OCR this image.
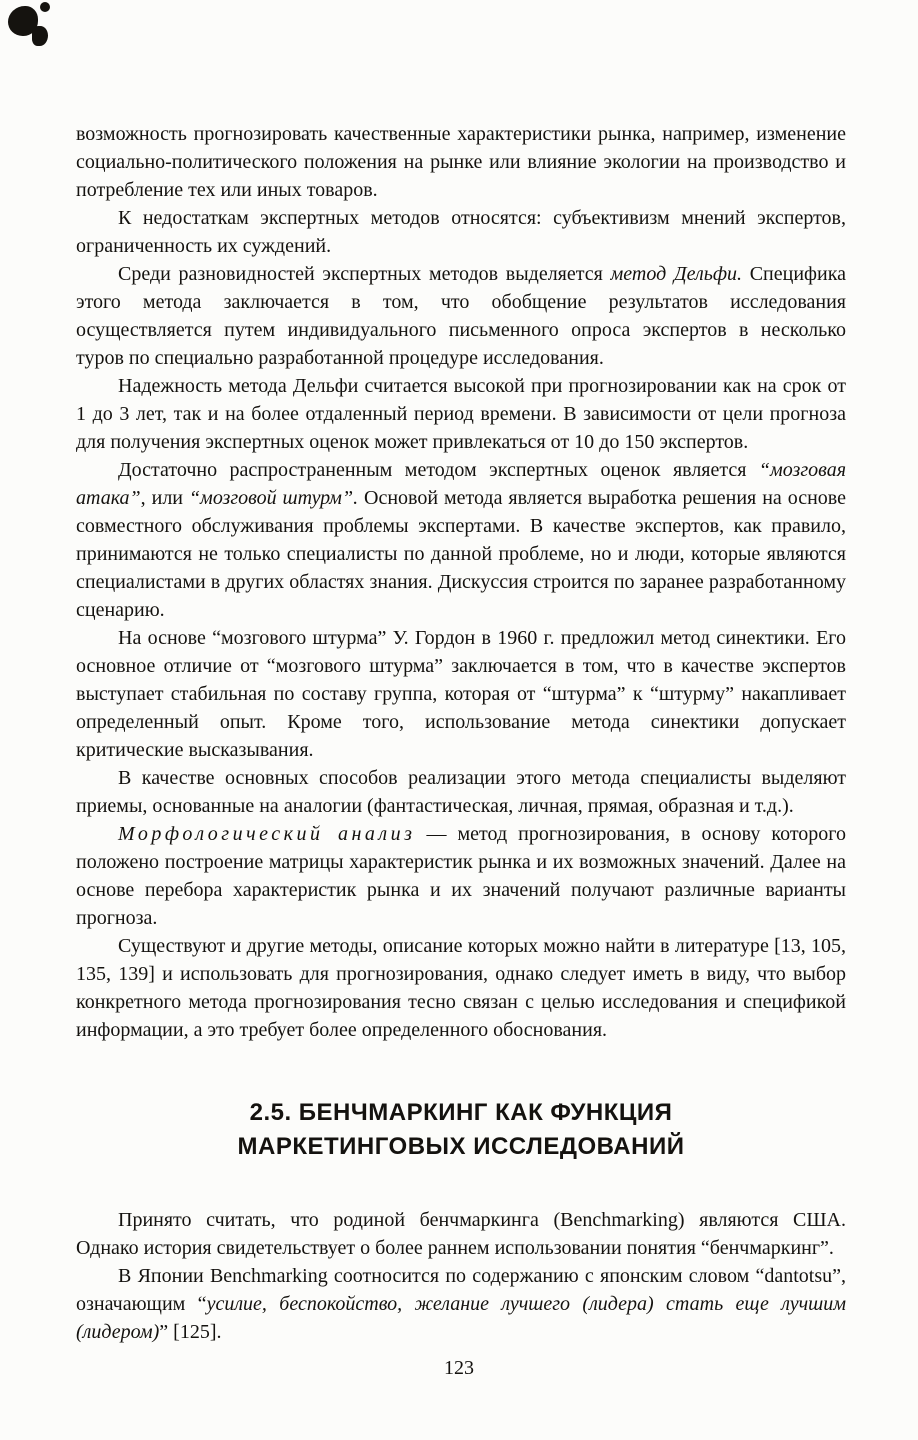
возможность прогнозировать качественные характеристики рынка, например, изменение социально-политического положения на рынке или влияние экологии на производство и потребление тех или иных товаров.

К недостаткам экспертных методов относятся: субъективизм мнений экспертов, ограниченность их суждений.

Среди разновидностей экспертных методов выделяется метод Дельфи. Специфика этого метода заключается в том, что обобщение результатов исследования осуществляется путем индивидуального письменного опроса экспертов в несколько туров по специально разработанной процедуре исследования.

Надежность метода Дельфи считается высокой при прогнозировании как на срок от 1 до 3 лет, так и на более отдаленный период времени. В зависимости от цели прогноза для получения экспертных оценок может привлекаться от 10 до 150 экспертов.

Достаточно распространенным методом экспертных оценок является “мозговая атака”, или “мозговой штурм”. Основой метода является выработка решения на основе совместного обслуживания проблемы экспертами. В качестве экспертов, как правило, принимаются не только специалисты по данной проблеме, но и люди, которые являются специалистами в других областях знания. Дискуссия строится по заранее разработанному сценарию.

На основе “мозгового штурма” У. Гордон в 1960 г. предложил метод синектики. Его основное отличие от “мозгового штурма” заключается в том, что в качестве экспертов выступает стабильная по составу группа, которая от “штурма” к “штурму” накапливает определенный опыт. Кроме того, использование метода синектики допускает критические высказывания.

В качестве основных способов реализации этого метода специалисты выделяют приемы, основанные на аналогии (фантастическая, личная, прямая, образная и т.д.).

Морфологический анализ — метод прогнозирования, в основу которого положено построение матрицы характеристик рынка и их возможных значений. Далее на основе перебора характеристик рынка и их значений получают различные варианты прогноза.

Существуют и другие методы, описание которых можно найти в литературе [13, 105, 135, 139] и использовать для прогнозирования, однако следует иметь в виду, что выбор конкретного метода прогнозирования тесно связан с целью исследования и спецификой информации, а это требует более определенного обоснования.

2.5. БЕНЧМАРКИНГ КАК ФУНКЦИЯ
МАРКЕТИНГОВЫХ ИССЛЕДОВАНИЙ

Принято считать, что родиной бенчмаркинга (Benchmarking) являются США. Однако история свидетельствует о более раннем использовании понятия “бенчмаркинг”.

В Японии Benchmarking соотносится по содержанию с японским словом “dantotsu”, означающим “усилие, беспокойство, желание лучшего (лидера) стать еще лучшим (лидером)” [125].

123
